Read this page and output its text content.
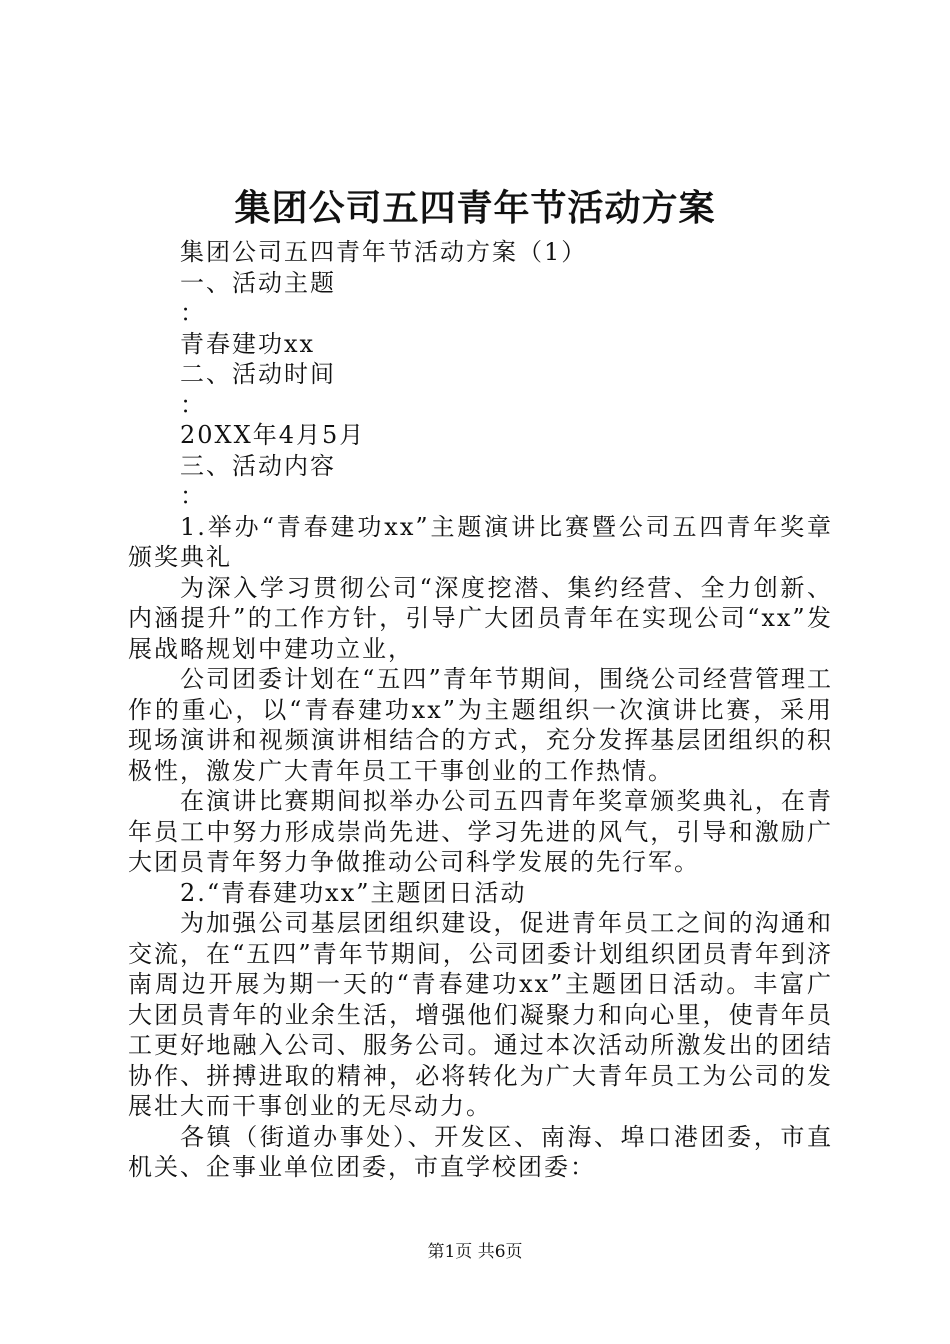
集团公司五四青年节活动方案

集团公司五四青年节活动方案（1）

一、活动主题

：

青春建功xx

二、活动时间

：

20XX年4月5月

三、活动内容

：

1.举办“青春建功xx”主题演讲比赛暨公司五四青年奖章颁奖典礼

为深入学习贯彻公司“深度挖潜、集约经营、全力创新、内涵提升”的工作方针，引导广大团员青年在实现公司“xx”发展战略规划中建功立业，

公司团委计划在“五四”青年节期间，围绕公司经营管理工作的重心，以“青春建功xx”为主题组织一次演讲比赛，采用现场演讲和视频演讲相结合的方式，充分发挥基层团组织的积极性，激发广大青年员工干事创业的工作热情。

在演讲比赛期间拟举办公司五四青年奖章颁奖典礼，在青年员工中努力形成崇尚先进、学习先进的风气，引导和激励广大团员青年努力争做推动公司科学发展的先行军。

2.“青春建功xx”主题团日活动

为加强公司基层团组织建设，促进青年员工之间的沟通和交流，在“五四”青年节期间，公司团委计划组织团员青年到济南周边开展为期一天的“青春建功xx”主题团日活动。丰富广大团员青年的业余生活，增强他们凝聚力和向心里，使青年员工更好地融入公司、服务公司。通过本次活动所激发出的团结协作、拼搏进取的精神，必将转化为广大青年员工为公司的发展壮大而干事创业的无尽动力。

各镇（街道办事处）、开发区、南海、埠口港团委，市直机关、企事业单位团委，市直学校团委：

第1页 共6页
